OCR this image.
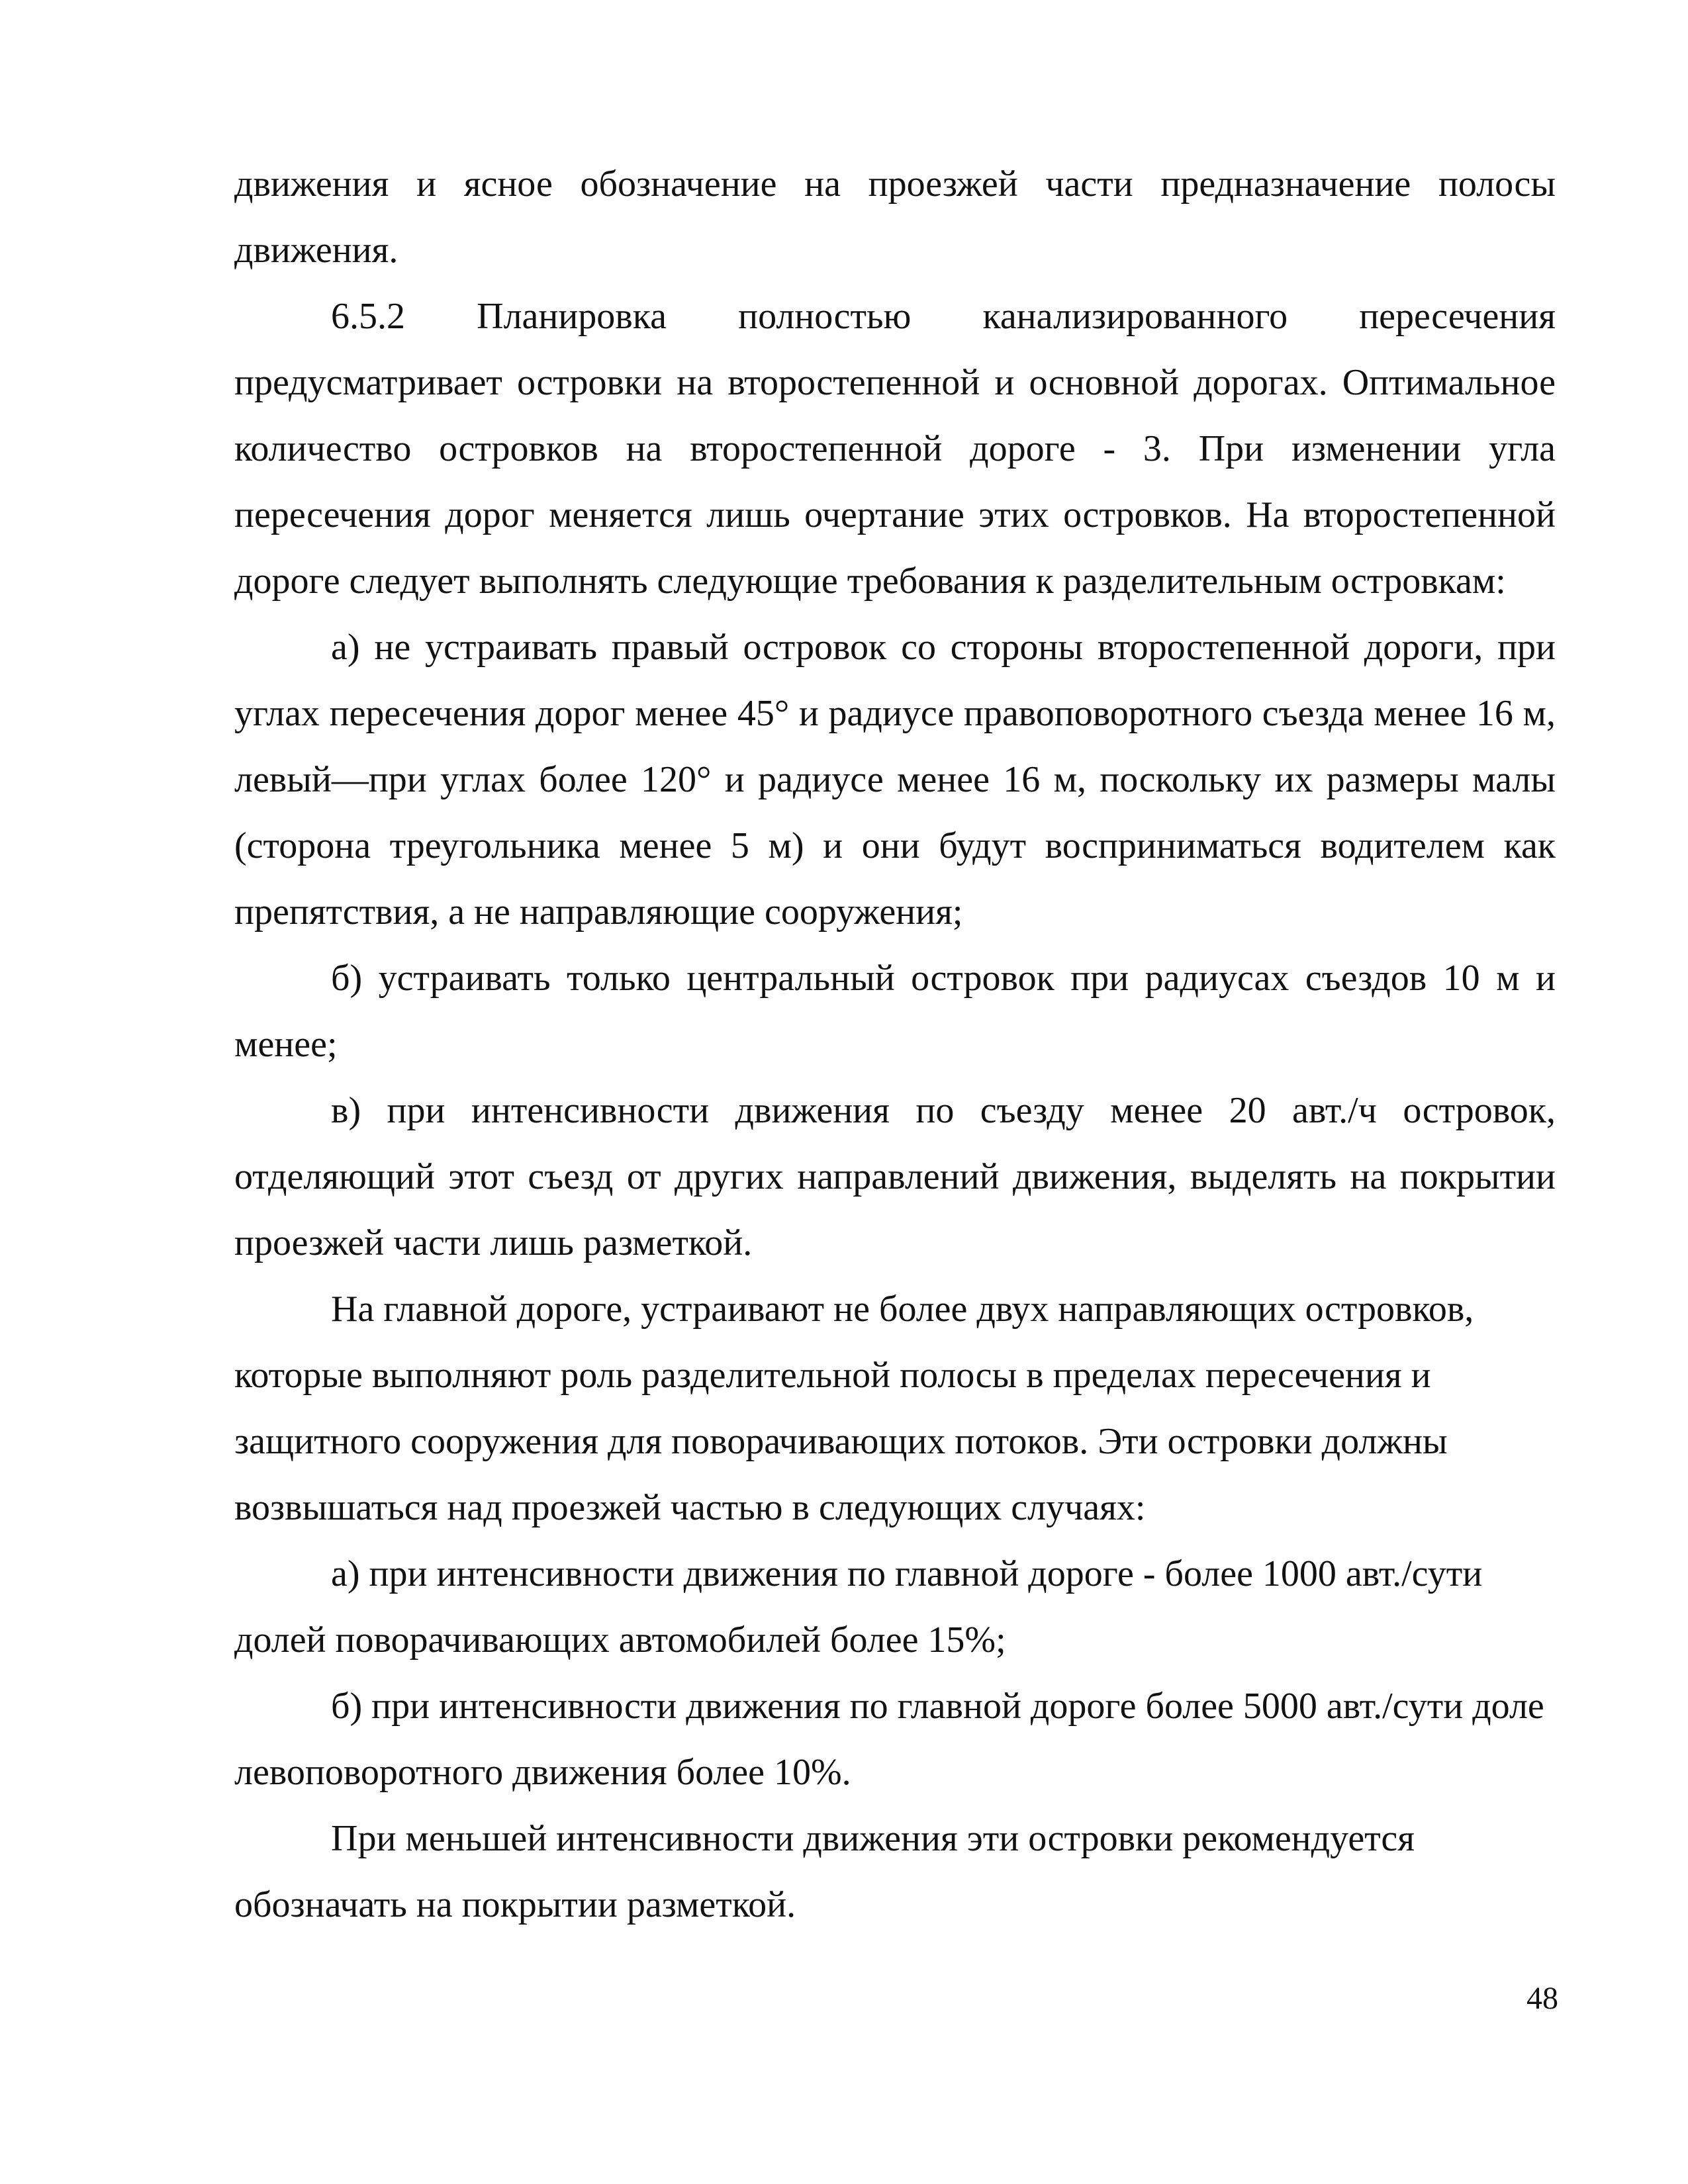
движения и ясное обозначение на проезжей части предназначение полосы движения.

6.5.2 Планировка полностью канализированного пересечения предусматривает островки на второстепенной и основной дорогах. Оптимальное количество островков на второстепенной дороге - 3. При изменении угла пересечения дорог меняется лишь очертание этих островков. На второстепенной дороге следует выполнять следующие требования к разделительным островкам:

а) не устраивать правый островок со стороны второстепенной дороги, при углах пересечения дорог менее 45° и радиусе правоповоротного съезда менее 16 м, левый—при углах более 120° и радиусе менее 16 м, поскольку их размеры малы (сторона треугольника менее 5 м) и они будут восприниматься водителем как препятствия, а не направляющие сооружения;

б) устраивать только центральный островок при радиусах съездов 10 м и менее;

в) при интенсивности движения по съезду менее 20 авт./ч островок, отделяющий этот съезд от других направлений движения, выделять на покрытии проезжей части лишь разметкой.

На главной дороге, устраивают не более двух направляющих островков, которые выполняют роль разделительной полосы в пределах пересечения и защитного сооружения для поворачивающих потоков. Эти островки должны возвышаться над проезжей частью в следующих случаях:

а) при интенсивности движения по главной дороге - более 1000 авт./сути долей поворачивающих автомобилей более 15%;

б) при интенсивности движения по главной дороге более 5000 авт./сути доле левоповоротного движения более 10%.

При меньшей интенсивности движения эти островки рекомендуется обозначать на покрытии разметкой.

48
